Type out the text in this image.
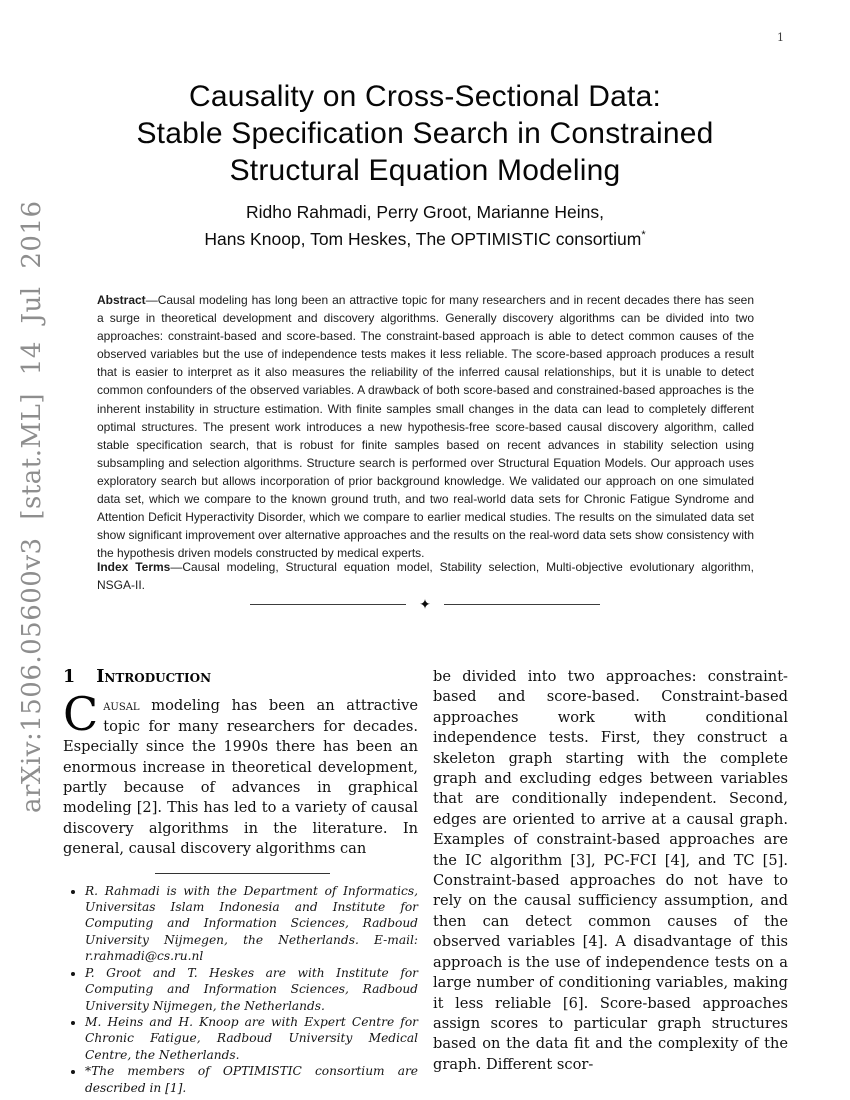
1
arXiv:1506.05600v3 [stat.ML] 14 Jul 2016
Causality on Cross-Sectional Data:
Stable Specification Search in Constrained
Structural Equation Modeling
Ridho Rahmadi, Perry Groot, Marianne Heins,
Hans Knoop, Tom Heskes, The OPTIMISTIC consortium*
Abstract—Causal modeling has long been an attractive topic for many researchers and in recent decades there has seen a surge in theoretical development and discovery algorithms. Generally discovery algorithms can be divided into two approaches: constraint-based and score-based. The constraint-based approach is able to detect common causes of the observed variables but the use of independence tests makes it less reliable. The score-based approach produces a result that is easier to interpret as it also measures the reliability of the inferred causal relationships, but it is unable to detect common confounders of the observed variables. A drawback of both score-based and constrained-based approaches is the inherent instability in structure estimation. With finite samples small changes in the data can lead to completely different optimal structures. The present work introduces a new hypothesis-free score-based causal discovery algorithm, called stable specification search, that is robust for finite samples based on recent advances in stability selection using subsampling and selection algorithms. Structure search is performed over Structural Equation Models. Our approach uses exploratory search but allows incorporation of prior background knowledge. We validated our approach on one simulated data set, which we compare to the known ground truth, and two real-world data sets for Chronic Fatigue Syndrome and Attention Deficit Hyperactivity Disorder, which we compare to earlier medical studies. The results on the simulated data set show significant improvement over alternative approaches and the results on the real-word data sets show consistency with the hypothesis driven models constructed by medical experts.
Index Terms—Causal modeling, Structural equation model, Stability selection, Multi-objective evolutionary algorithm, NSGA-II.
✦
1 Introduction

Causal modeling has been an attractive topic for many researchers for decades. Especially since the 1990s there has been an enormous increase in theoretical development, partly because of advances in graphical modeling [2]. This has led to a variety of causal discovery algorithms in the literature. In general, causal discovery algorithms can

• R. Rahmadi is with the Department of Informatics, Universitas Islam Indonesia and Institute for Computing and Information Sciences, Radboud University Nijmegen, the Netherlands. E-mail: r.rahmadi@cs.ru.nl
• P. Groot and T. Heskes are with Institute for Computing and Information Sciences, Radboud University Nijmegen, the Netherlands.
• M. Heins and H. Knoop are with Expert Centre for Chronic Fatigue, Radboud University Medical Centre, the Netherlands.
• *The members of OPTIMISTIC consortium are described in [1].

be divided into two approaches: constraint-based and score-based. Constraint-based approaches work with conditional independence tests. First, they construct a skeleton graph starting with the complete graph and excluding edges between variables that are conditionally independent. Second, edges are oriented to arrive at a causal graph. Examples of constraint-based approaches are the IC algorithm [3], PC-FCI [4], and TC [5]. Constraint-based approaches do not have to rely on the causal sufficiency assumption, and then can detect common causes of the observed variables [4]. A disadvantage of this approach is the use of independence tests on a large number of conditioning variables, making it less reliable [6]. Score-based approaches assign scores to particular graph structures based on the data fit and the complexity of the graph. Different scor-
